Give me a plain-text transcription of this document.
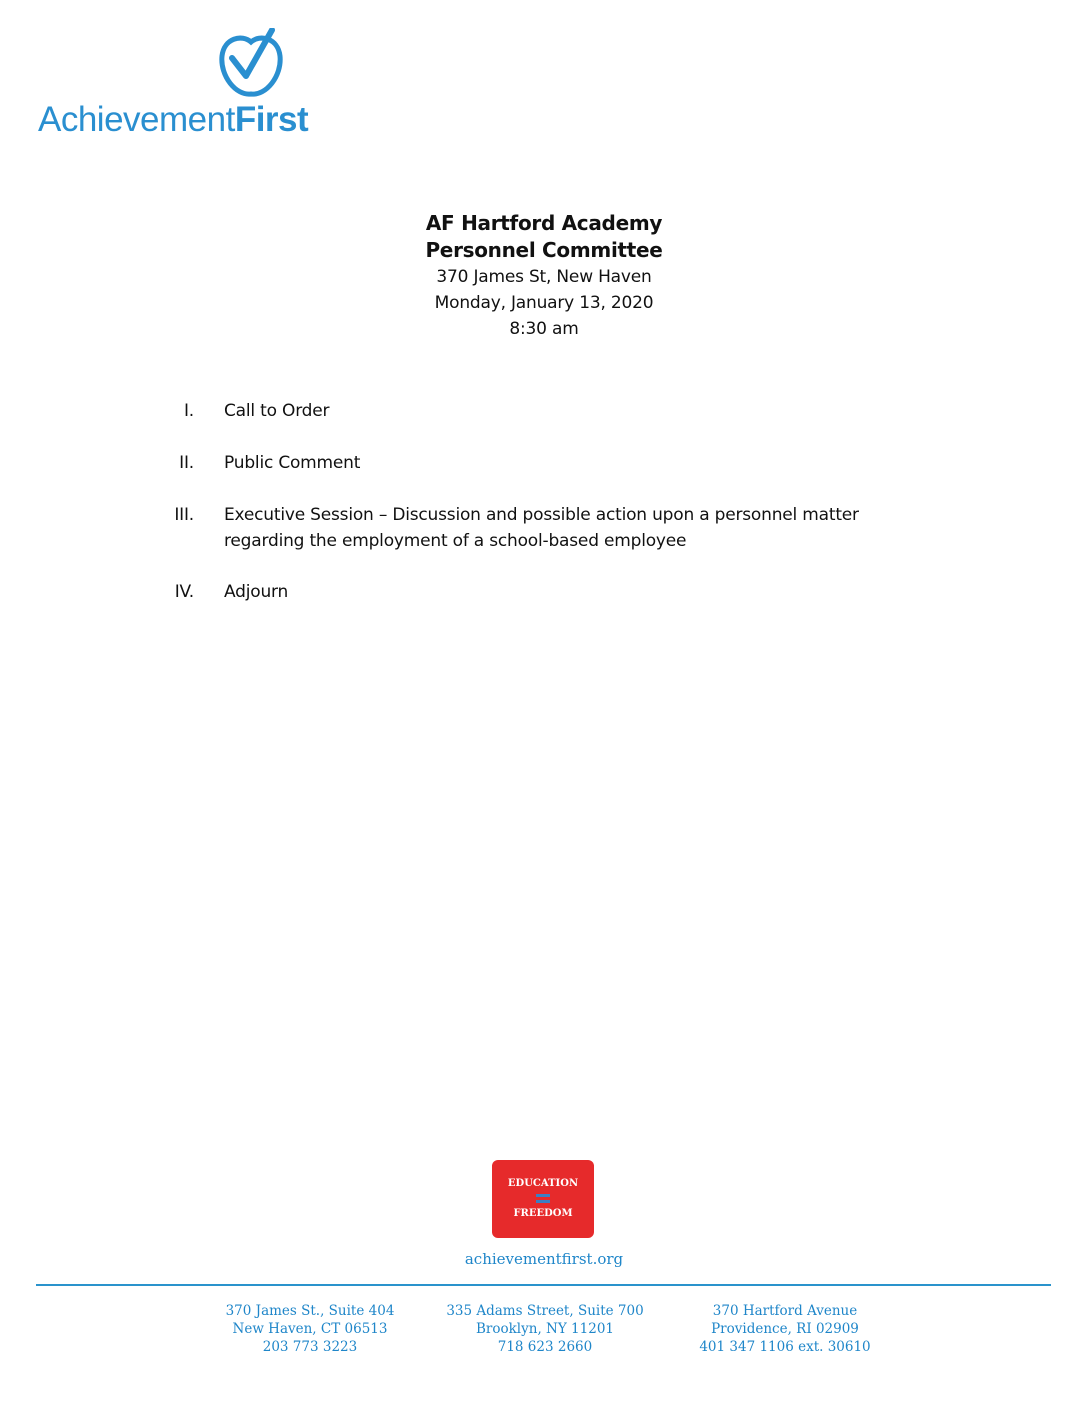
AchievementFirst
AF Hartford Academy
Personnel Committee
370 James St, New Haven
Monday, January 13, 2020
8:30 am
I. Call to Order
II. Public Comment
III. Executive Session – Discussion and possible action upon a personnel matter regarding the employment of a school-based employee
IV. Adjourn
EDUCATION
FREEDOM
achievementfirst.org
370 James St., Suite 404
New Haven, CT 06513
203 773 3223
335 Adams Street, Suite 700
Brooklyn, NY 11201
718 623 2660
370 Hartford Avenue
Providence, RI 02909
401 347 1106 ext. 30610
